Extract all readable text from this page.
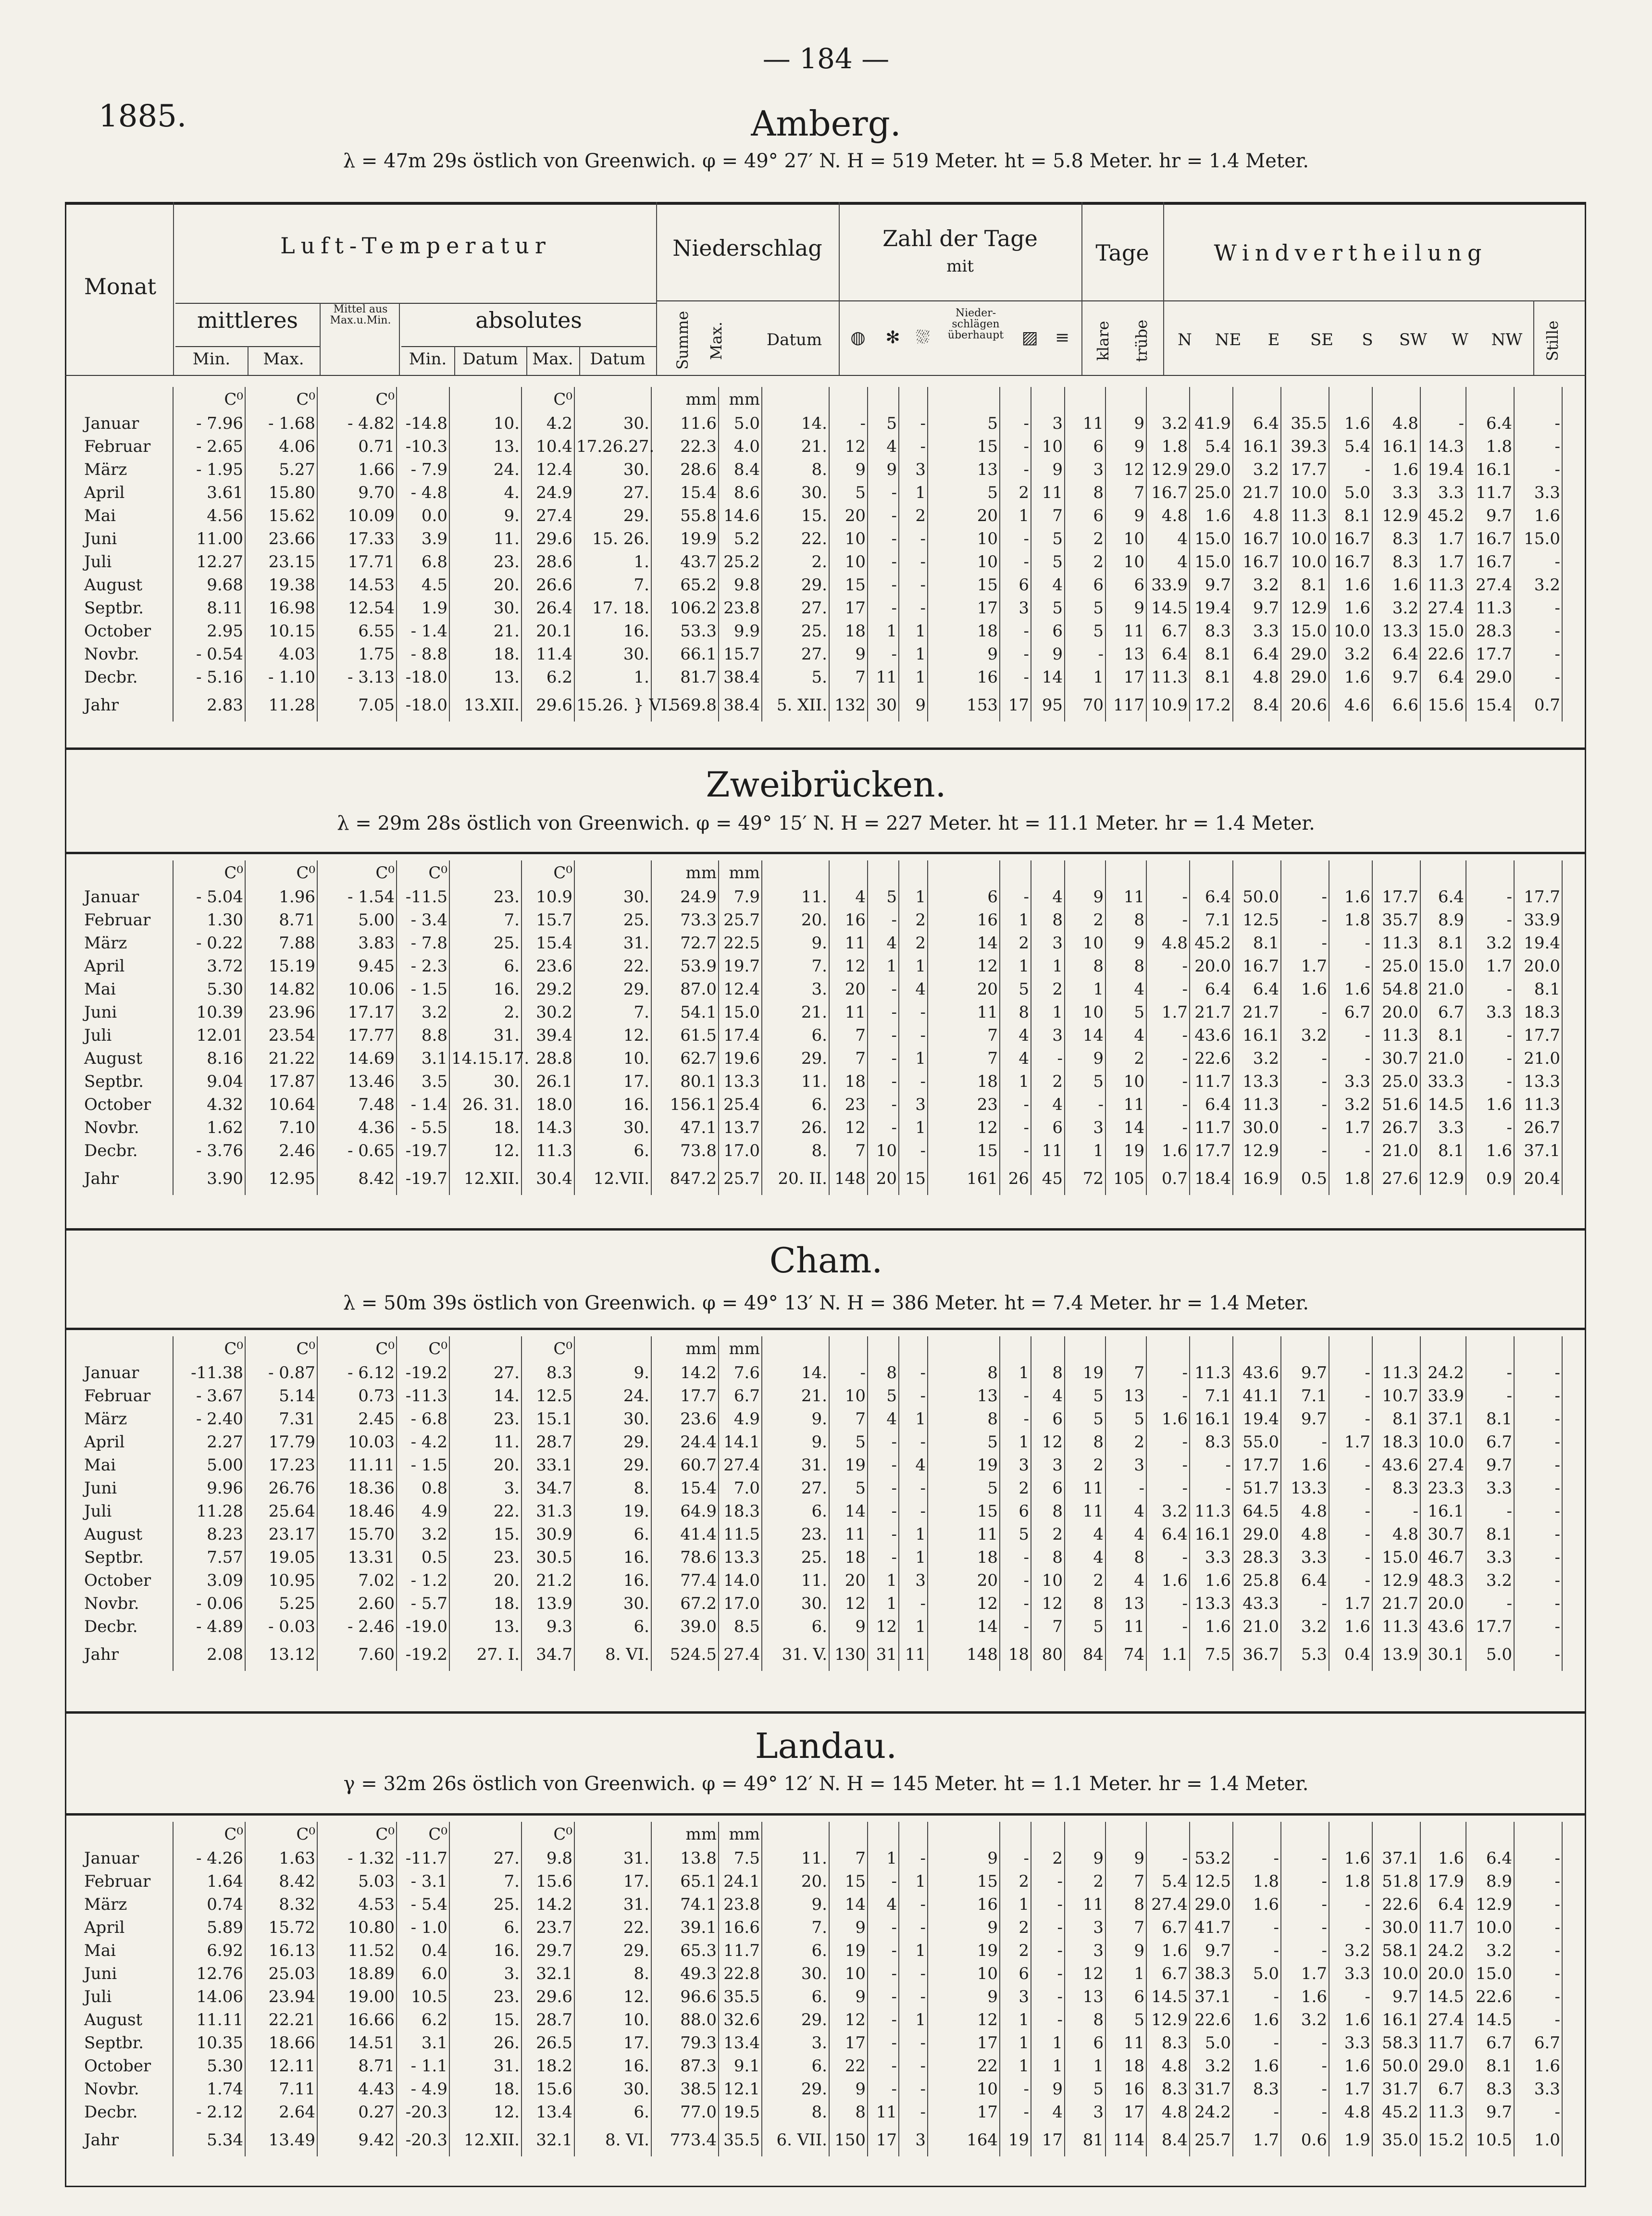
— 184 —
1885.
Monat
Luft-Temperatur	Niederschlag	Zahl der Tage
mit
Tage	Windvertheilung
mittleres	Mittel aus Max.u.Min.	absolutes
Min.	Max.	Min. Datum Max.	Datum	Summe Max.	Datum	◍	✻ ⛆
Nieder-schlägen überhaupt	▨ ≡	klare trübe	N	NE	E	SE	S	SW	W	NW	Stille
Amberg.
λ = 47m 29s östlich von Greenwich. φ = 49° 27′ N. H = 519 Meter. ht = 5.8 Meter. hr = 1.4 Meter.
	C⁰	C⁰	C⁰			C⁰		mm	mm																			
Januar	- 7.96	- 1.68	- 4.82	-14.8	10.	4.2	30.	11.6	5.0	14.	-	5	-	5	-	3	11	9	3.2	41.9	6.4	35.5	1.6	4.8	-	6.4	-	
Februar	- 2.65	4.06	0.71	-10.3	13.	10.4	17.26.27.	22.3	4.0	21.	12	4	-	15	-	10	6	9	1.8	5.4	16.1	39.3	5.4	16.1	14.3	1.8	-	
März	- 1.95	5.27	1.66	- 7.9	24.	12.4	30.	28.6	8.4	8.	9	9	3	13	-	9	3	12	12.9	29.0	3.2	17.7	-	1.6	19.4	16.1	-	
April	3.61	15.80	9.70	- 4.8	4.	24.9	27.	15.4	8.6	30.	5	-	1	5	2	11	8	7	16.7	25.0	21.7	10.0	5.0	3.3	3.3	11.7	3.3	
Mai	4.56	15.62	10.09	0.0	9.	27.4	29.	55.8	14.6	15.	20	-	2	20	1	7	6	9	4.8	1.6	4.8	11.3	8.1	12.9	45.2	9.7	1.6	
Juni	11.00	23.66	17.33	3.9	11.	29.6	15. 26.	19.9	5.2	22.	10	-	-	10	-	5	2	10	4	15.0	16.7	10.0	16.7	8.3	1.7	16.7	15.0	
Juli	12.27	23.15	17.71	6.8	23.	28.6	1.	43.7	25.2	2.	10	-	-	10	-	5	2	10	4	15.0	16.7	10.0	16.7	8.3	1.7	16.7	-	
August	9.68	19.38	14.53	4.5	20.	26.6	7.	65.2	9.8	29.	15	-	-	15	6	4	6	6	33.9	9.7	3.2	8.1	1.6	1.6	11.3	27.4	3.2	
Septbr.	8.11	16.98	12.54	1.9	30.	26.4	17. 18.	106.2	23.8	27.	17	-	-	17	3	5	5	9	14.5	19.4	9.7	12.9	1.6	3.2	27.4	11.3	-	
October	2.95	10.15	6.55	- 1.4	21.	20.1	16.	53.3	9.9	25.	18	1	1	18	-	6	5	11	6.7	8.3	3.3	15.0	10.0	13.3	15.0	28.3	-	
Novbr.	- 0.54	4.03	1.75	- 8.8	18.	11.4	30.	66.1	15.7	27.	9	-	1	9	-	9	-	13	6.4	8.1	6.4	29.0	3.2	6.4	22.6	17.7	-	
Decbr.	- 5.16	- 1.10	- 3.13	-18.0	13.	6.2	1.	81.7	38.4	5.	7	11	1	16	-	14	1	17	11.3	8.1	4.8	29.0	1.6	9.7	6.4	29.0	-	
Jahr	2.83	11.28	7.05	-18.0	13.XII.	29.6	15.26. } VI.	569.8	38.4	5. XII.	132	30	9	153	17	95	70	117	10.9	17.2	8.4	20.6	4.6	6.6	15.6	15.4	0.7	
Zweibrücken.
λ = 29m 28s östlich von Greenwich. φ = 49° 15′ N. H = 227 Meter. ht = 11.1 Meter. hr = 1.4 Meter.
	C⁰	C⁰	C⁰	C⁰		C⁰		mm	mm																			
Januar	- 5.04	1.96	- 1.54	-11.5	23.	10.9	30.	24.9	7.9	11.	4	5	1	6	-	4	9	11	-	6.4	50.0	-	1.6	17.7	6.4	-	17.7	
Februar	1.30	8.71	5.00	- 3.4	7.	15.7	25.	73.3	25.7	20.	16	-	2	16	1	8	2	8	-	7.1	12.5	-	1.8	35.7	8.9	-	33.9	
März	- 0.22	7.88	3.83	- 7.8	25.	15.4	31.	72.7	22.5	9.	11	4	2	14	2	3	10	9	4.8	45.2	8.1	-	-	11.3	8.1	3.2	19.4	
April	3.72	15.19	9.45	- 2.3	6.	23.6	22.	53.9	19.7	7.	12	1	1	12	1	1	8	8	-	20.0	16.7	1.7	-	25.0	15.0	1.7	20.0	
Mai	5.30	14.82	10.06	- 1.5	16.	29.2	29.	87.0	12.4	3.	20	-	4	20	5	2	1	4	-	6.4	6.4	1.6	1.6	54.8	21.0	-	8.1	
Juni	10.39	23.96	17.17	3.2	2.	30.2	7.	54.1	15.0	21.	11	-	-	11	8	1	10	5	1.7	21.7	21.7	-	6.7	20.0	6.7	3.3	18.3	
Juli	12.01	23.54	17.77	8.8	31.	39.4	12.	61.5	17.4	6.	7	-	-	7	4	3	14	4	-	43.6	16.1	3.2	-	11.3	8.1	-	17.7	
August	8.16	21.22	14.69	3.1	14.15.17.	28.8	10.	62.7	19.6	29.	7	-	1	7	4	-	9	2	-	22.6	3.2	-	-	30.7	21.0	-	21.0	
Septbr.	9.04	17.87	13.46	3.5	30.	26.1	17.	80.1	13.3	11.	18	-	-	18	1	2	5	10	-	11.7	13.3	-	3.3	25.0	33.3	-	13.3	
October	4.32	10.64	7.48	- 1.4	26. 31.	18.0	16.	156.1	25.4	6.	23	-	3	23	-	4	-	11	-	6.4	11.3	-	3.2	51.6	14.5	1.6	11.3	
Novbr.	1.62	7.10	4.36	- 5.5	18.	14.3	30.	47.1	13.7	26.	12	-	1	12	-	6	3	14	-	11.7	30.0	-	1.7	26.7	3.3	-	26.7	
Decbr.	- 3.76	2.46	- 0.65	-19.7	12.	11.3	6.	73.8	17.0	8.	7	10	-	15	-	11	1	19	1.6	17.7	12.9	-	-	21.0	8.1	1.6	37.1	
Jahr	3.90	12.95	8.42	-19.7	12.XII.	30.4	12.VII.	847.2	25.7	20. II.	148	20	15	161	26	45	72	105	0.7	18.4	16.9	0.5	1.8	27.6	12.9	0.9	20.4	
Cham.
λ = 50m 39s östlich von Greenwich. φ = 49° 13′ N. H = 386 Meter. ht = 7.4 Meter. hr = 1.4 Meter.
	C⁰	C⁰	C⁰	C⁰		C⁰		mm	mm																			
Januar	-11.38	- 0.87	- 6.12	-19.2	27.	8.3	9.	14.2	7.6	14.	-	8	-	8	1	8	19	7	-	11.3	43.6	9.7	-	11.3	24.2	-	-	
Februar	- 3.67	5.14	0.73	-11.3	14.	12.5	24.	17.7	6.7	21.	10	5	-	13	-	4	5	13	-	7.1	41.1	7.1	-	10.7	33.9	-	-	
März	- 2.40	7.31	2.45	- 6.8	23.	15.1	30.	23.6	4.9	9.	7	4	1	8	-	6	5	5	1.6	16.1	19.4	9.7	-	8.1	37.1	8.1	-	
April	2.27	17.79	10.03	- 4.2	11.	28.7	29.	24.4	14.1	9.	5	-	-	5	1	12	8	2	-	8.3	55.0	-	1.7	18.3	10.0	6.7	-	
Mai	5.00	17.23	11.11	- 1.5	20.	33.1	29.	60.7	27.4	31.	19	-	4	19	3	3	2	3	-	-	17.7	1.6	-	43.6	27.4	9.7	-	
Juni	9.96	26.76	18.36	0.8	3.	34.7	8.	15.4	7.0	27.	5	-	-	5	2	6	11	-	-	-	51.7	13.3	-	8.3	23.3	3.3	-	
Juli	11.28	25.64	18.46	4.9	22.	31.3	19.	64.9	18.3	6.	14	-	-	15	6	8	11	4	3.2	11.3	64.5	4.8	-	-	16.1	-	-	
August	8.23	23.17	15.70	3.2	15.	30.9	6.	41.4	11.5	23.	11	-	1	11	5	2	4	4	6.4	16.1	29.0	4.8	-	4.8	30.7	8.1	-	
Septbr.	7.57	19.05	13.31	0.5	23.	30.5	16.	78.6	13.3	25.	18	-	1	18	-	8	4	8	-	3.3	28.3	3.3	-	15.0	46.7	3.3	-	
October	3.09	10.95	7.02	- 1.2	20.	21.2	16.	77.4	14.0	11.	20	1	3	20	-	10	2	4	1.6	1.6	25.8	6.4	-	12.9	48.3	3.2	-	
Novbr.	- 0.06	5.25	2.60	- 5.7	18.	13.9	30.	67.2	17.0	30.	12	1	-	12	-	12	8	13	-	13.3	43.3	-	1.7	21.7	20.0	-	-	
Decbr.	- 4.89	- 0.03	- 2.46	-19.0	13.	9.3	6.	39.0	8.5	6.	9	12	1	14	-	7	5	11	-	1.6	21.0	3.2	1.6	11.3	43.6	17.7	-	
Jahr	2.08	13.12	7.60	-19.2	27. I.	34.7	8. VI.	524.5	27.4	31. V.	130	31	11	148	18	80	84	74	1.1	7.5	36.7	5.3	0.4	13.9	30.1	5.0	-	
Landau.
γ = 32m 26s östlich von Greenwich. φ = 49° 12′ N. H = 145 Meter. ht = 1.1 Meter. hr = 1.4 Meter.
	C⁰	C⁰	C⁰	C⁰		C⁰		mm	mm																			
Januar	- 4.26	1.63	- 1.32	-11.7	27.	9.8	31.	13.8	7.5	11.	7	1	-	9	-	2	9	9	-	53.2	-	-	1.6	37.1	1.6	6.4	-	
Februar	1.64	8.42	5.03	- 3.1	7.	15.6	17.	65.1	24.1	20.	15	-	1	15	2	-	2	7	5.4	12.5	1.8	-	1.8	51.8	17.9	8.9	-	
März	0.74	8.32	4.53	- 5.4	25.	14.2	31.	74.1	23.8	9.	14	4	-	16	1	-	11	8	27.4	29.0	1.6	-	-	22.6	6.4	12.9	-	
April	5.89	15.72	10.80	- 1.0	6.	23.7	22.	39.1	16.6	7.	9	-	-	9	2	-	3	7	6.7	41.7	-	-	-	30.0	11.7	10.0	-	
Mai	6.92	16.13	11.52	0.4	16.	29.7	29.	65.3	11.7	6.	19	-	1	19	2	-	3	9	1.6	9.7	-	-	3.2	58.1	24.2	3.2	-	
Juni	12.76	25.03	18.89	6.0	3.	32.1	8.	49.3	22.8	30.	10	-	-	10	6	-	12	1	6.7	38.3	5.0	1.7	3.3	10.0	20.0	15.0	-	
Juli	14.06	23.94	19.00	10.5	23.	29.6	12.	96.6	35.5	6.	9	-	-	9	3	-	13	6	14.5	37.1	-	1.6	-	9.7	14.5	22.6	-	
August	11.11	22.21	16.66	6.2	15.	28.7	10.	88.0	32.6	29.	12	-	1	12	1	-	8	5	12.9	22.6	1.6	3.2	1.6	16.1	27.4	14.5	-	
Septbr.	10.35	18.66	14.51	3.1	26.	26.5	17.	79.3	13.4	3.	17	-	-	17	1	1	6	11	8.3	5.0	-	-	3.3	58.3	11.7	6.7	6.7	
October	5.30	12.11	8.71	- 1.1	31.	18.2	16.	87.3	9.1	6.	22	-	-	22	1	1	1	18	4.8	3.2	1.6	-	1.6	50.0	29.0	8.1	1.6	
Novbr.	1.74	7.11	4.43	- 4.9	18.	15.6	30.	38.5	12.1	29.	9	-	-	10	-	9	5	16	8.3	31.7	8.3	-	1.7	31.7	6.7	8.3	3.3	
Decbr.	- 2.12	2.64	0.27	-20.3	12.	13.4	6.	77.0	19.5	8.	8	11	-	17	-	4	3	17	4.8	24.2	-	-	4.8	45.2	11.3	9.7	-	
Jahr	5.34	13.49	9.42	-20.3	12.XII.	32.1	8. VI.	773.4	35.5	6. VII.	150	17	3	164	19	17	81	114	8.4	25.7	1.7	0.6	1.9	35.0	15.2	10.5	1.0	
